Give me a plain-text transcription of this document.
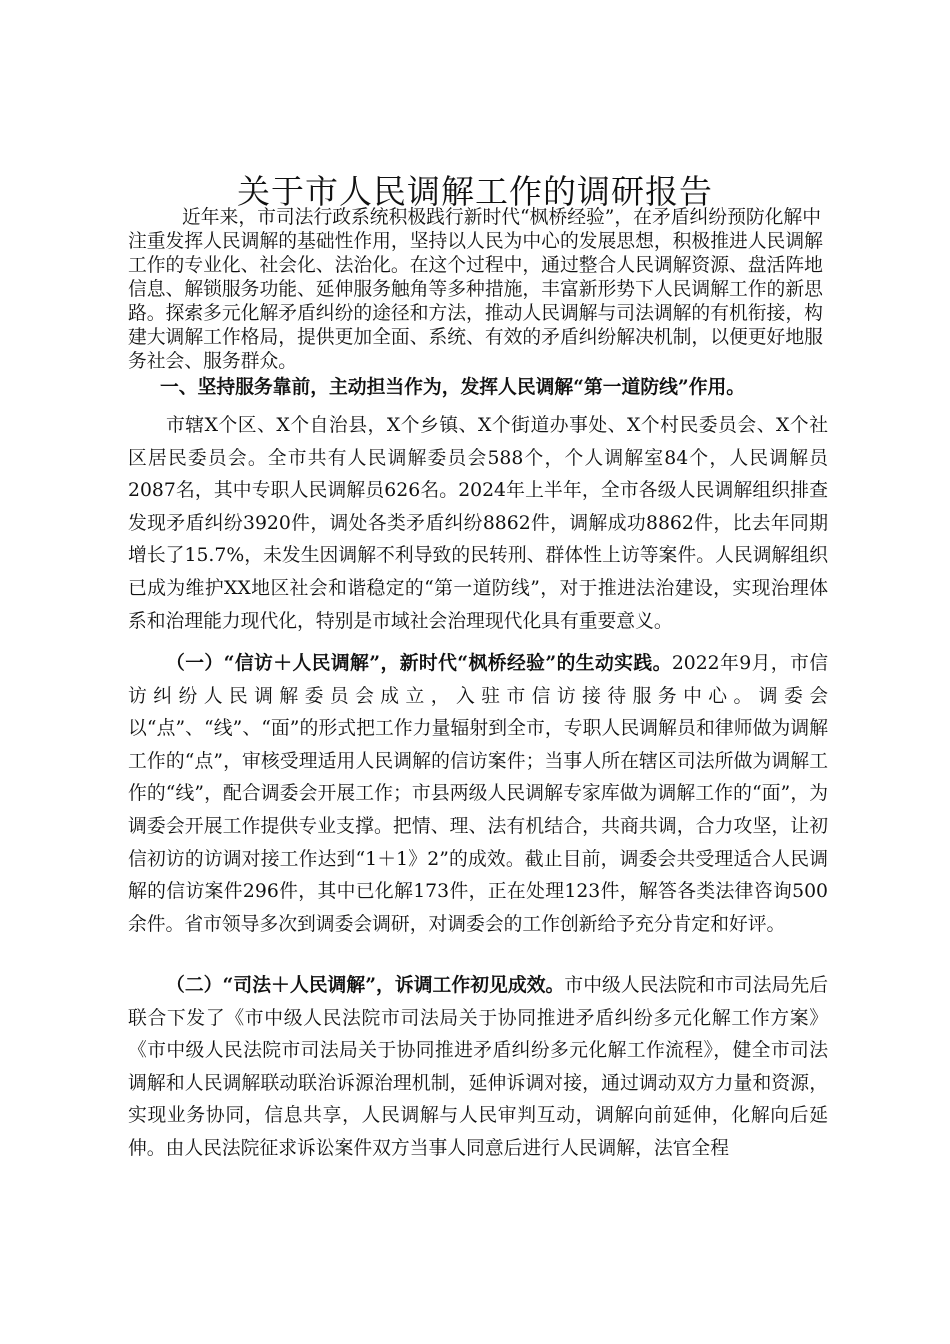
关于市人民调解工作的调研报告

近年来，市司法行政系统积极践行新时代“枫桥经验”，在矛盾纠纷预防化解中注重发挥人民调解的基础性作用，坚持以人民为中心的发展思想，积极推进人民调解工作的专业化、社会化、法治化。在这个过程中，通过整合人民调解资源、盘活阵地信息、解锁服务功能、延伸服务触角等多种措施，丰富新形势下人民调解工作的新思路。探索多元化解矛盾纠纷的途径和方法，推动人民调解与司法调解的有机衔接，构建大调解工作格局，提供更加全面、系统、有效的矛盾纠纷解决机制，以便更好地服务社会、服务群众。

一、坚持服务靠前，主动担当作为，发挥人民调解“第一道防线”作用。

市辖X个区、X个自治县，X个乡镇、X个街道办事处、X个村民委员会、X个社区居民委员会。全市共有人民调解委员会588个，个人调解室84个，人民调解员2087名，其中专职人民调解员626名。2024年上半年，全市各级人民调解组织排查发现矛盾纠纷3920件，调处各类矛盾纠纷8862件，调解成功8862件，比去年同期增长了15.7%，未发生因调解不利导致的民转刑、群体性上访等案件。人民调解组织已成为维护XX地区社会和谐稳定的“第一道防线”，对于推进法治建设，实现治理体系和治理能力现代化，特别是市域社会治理现代化具有重要意义。

（一）“信访＋人民调解”，新时代“枫桥经验”的生动实践。2022年9月，市信访纠纷人民调解委员会成立，入驻市信访接待服务中心。调委会以“点”、“线”、“面”的形式把工作力量辐射到全市，专职人民调解员和律师做为调解工作的“点”，审核受理适用人民调解的信访案件；当事人所在辖区司法所做为调解工作的“线”，配合调委会开展工作；市县两级人民调解专家库做为调解工作的“面”，为调委会开展工作提供专业支撑。把情、理、法有机结合，共商共调，合力攻坚，让初信初访的访调对接工作达到“1＋1》2”的成效。截止目前，调委会共受理适合人民调解的信访案件296件，其中已化解173件，正在处理123件，解答各类法律咨询500余件。省市领导多次到调委会调研，对调委会的工作创新给予充分肯定和好评。

（二）“司法＋人民调解”，诉调工作初见成效。市中级人民法院和市司法局先后联合下发了《市中级人民法院市司法局关于协同推进矛盾纠纷多元化解工作方案》《市中级人民法院市司法局关于协同推进矛盾纠纷多元化解工作流程》，健全市司法调解和人民调解联动联治诉源治理机制，延伸诉调对接，通过调动双方力量和资源，实现业务协同，信息共享，人民调解与人民审判互动，调解向前延伸，化解向后延伸。由人民法院征求诉讼案件双方当事人同意后进行人民调解，法官全程
